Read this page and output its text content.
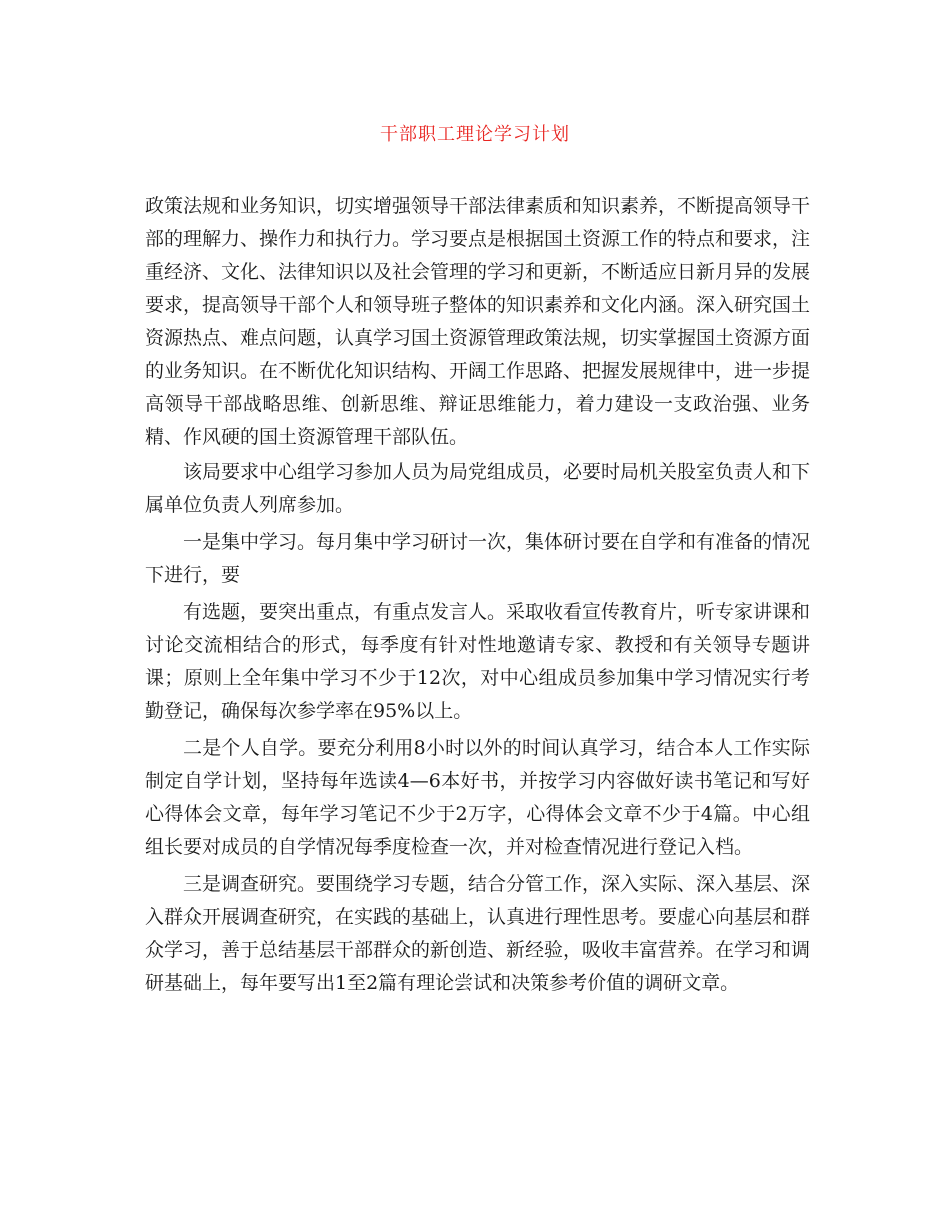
干部职工理论学习计划

政策法规和业务知识，切实增强领导干部法律素质和知识素养，不断提高领导干部的理解力、操作力和执行力。学习要点是根据国土资源工作的特点和要求，注重经济、文化、法律知识以及社会管理的学习和更新，不断适应日新月异的发展要求，提高领导干部个人和领导班子整体的知识素养和文化内涵。深入研究国土资源热点、难点问题，认真学习国土资源管理政策法规，切实掌握国土资源方面的业务知识。在不断优化知识结构、开阔工作思路、把握发展规律中，进一步提高领导干部战略思维、创新思维、辩证思维能力，着力建设一支政治强、业务精、作风硬的国土资源管理干部队伍。

该局要求中心组学习参加人员为局党组成员，必要时局机关股室负责人和下属单位负责人列席参加。

一是集中学习。每月集中学习研讨一次，集体研讨要在自学和有准备的情况下进行，要

有选题，要突出重点，有重点发言人。采取收看宣传教育片，听专家讲课和讨论交流相结合的形式，每季度有针对性地邀请专家、教授和有关领导专题讲课；原则上全年集中学习不少于12次，对中心组成员参加集中学习情况实行考勤登记，确保每次参学率在95%以上。

二是个人自学。要充分利用8小时以外的时间认真学习，结合本人工作实际制定自学计划，坚持每年选读4—6本好书，并按学习内容做好读书笔记和写好心得体会文章，每年学习笔记不少于2万字，心得体会文章不少于4篇。中心组组长要对成员的自学情况每季度检查一次，并对检查情况进行登记入档。

三是调查研究。要围绕学习专题，结合分管工作，深入实际、深入基层、深入群众开展调查研究，在实践的基础上，认真进行理性思考。要虚心向基层和群众学习，善于总结基层干部群众的新创造、新经验，吸收丰富营养。在学习和调研基础上，每年要写出1至2篇有理论尝试和决策参考价值的调研文章。
